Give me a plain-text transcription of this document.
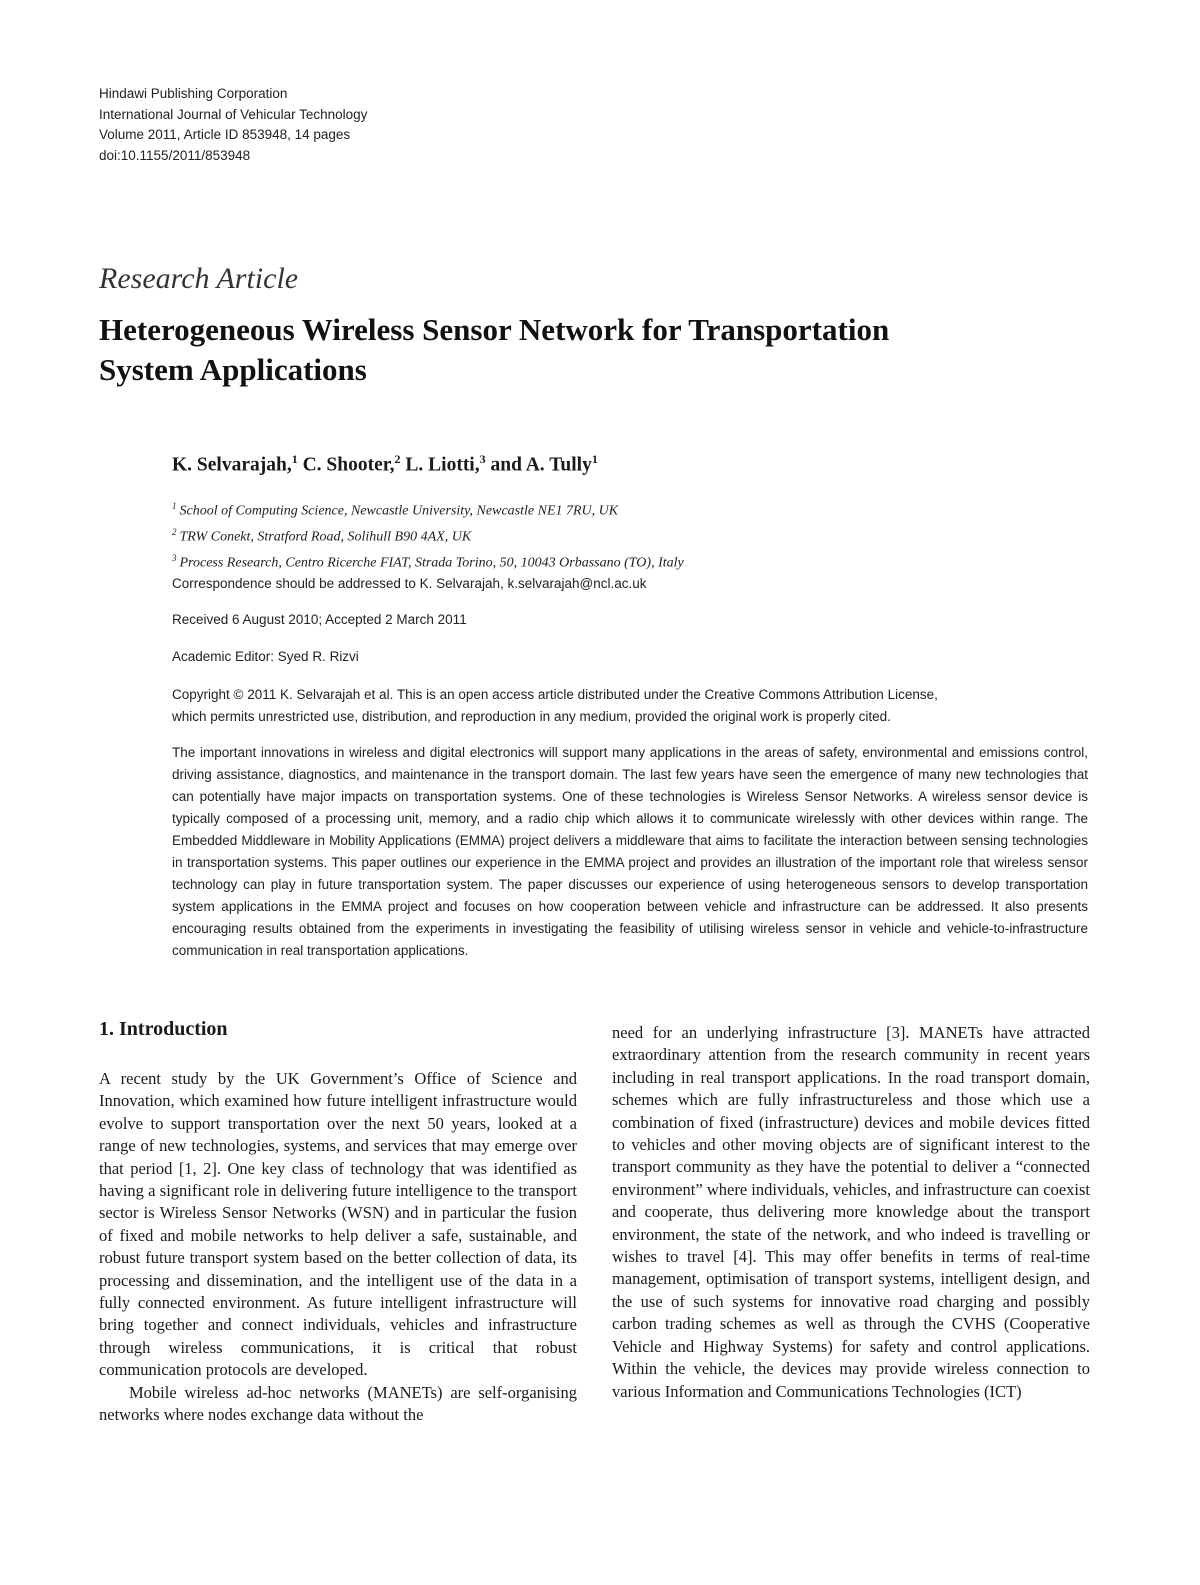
Hindawi Publishing Corporation
International Journal of Vehicular Technology
Volume 2011, Article ID 853948, 14 pages
doi:10.1155/2011/853948
Research Article
Heterogeneous Wireless Sensor Network for Transportation
System Applications
K. Selvarajah,$^1$ C. Shooter,$^2$ L. Liotti,$^3$ and A. Tully$^1$
$^1$ School of Computing Science, Newcastle University, Newcastle NE1 7RU, UK
$^2$ TRW Conekt, Stratford Road, Solihull B90 4AX, UK
$^3$ Process Research, Centro Ricerche FIAT, Strada Torino, 50, 10043 Orbassano (TO), Italy
Correspondence should be addressed to K. Selvarajah, k.selvarajah@ncl.ac.uk
Received 6 August 2010; Accepted 2 March 2011
Academic Editor: Syed R. Rizvi
Copyright © 2011 K. Selvarajah et al. This is an open access article distributed under the Creative Commons Attribution License,
which permits unrestricted use, distribution, and reproduction in any medium, provided the original work is properly cited.
The important innovations in wireless and digital electronics will support many applications in the areas of safety, environmental and emissions control, driving assistance, diagnostics, and maintenance in the transport domain. The last few years have seen the emergence of many new technologies that can potentially have major impacts on transportation systems. One of these technologies is Wireless Sensor Networks. A wireless sensor device is typically composed of a processing unit, memory, and a radio chip which allows it to communicate wirelessly with other devices within range. The Embedded Middleware in Mobility Applications (EMMA) project delivers a middleware that aims to facilitate the interaction between sensing technologies in transportation systems. This paper outlines our experience in the EMMA project and provides an illustration of the important role that wireless sensor technology can play in future transportation system. The paper discusses our experience of using heterogeneous sensors to develop transportation system applications in the EMMA project and focuses on how cooperation between vehicle and infrastructure can be addressed. It also presents encouraging results obtained from the experiments in investigating the feasibility of utilising wireless sensor in vehicle and vehicle-to-infrastructure communication in real transportation applications.
1. Introduction

A recent study by the UK Government’s Office of Science and Innovation, which examined how future intelligent infrastructure would evolve to support transportation over the next 50 years, looked at a range of new technologies, systems, and services that may emerge over that period [1, 2]. One key class of technology that was identified as having a significant role in delivering future intelligence to the transport sector is Wireless Sensor Networks (WSN) and in particular the fusion of fixed and mobile networks to help deliver a safe, sustainable, and robust future transport system based on the better collection of data, its processing and dissemination, and the intelligent use of the data in a fully connected environment. As future intelligent infrastructure will bring together and connect individuals, vehicles and infrastructure through wireless communications, it is critical that robust communication protocols are developed.

Mobile wireless ad-hoc networks (MANETs) are self-organising networks where nodes exchange data without the

need for an underlying infrastructure [3]. MANETs have attracted extraordinary attention from the research community in recent years including in real transport applications. In the road transport domain, schemes which are fully infrastructureless and those which use a combination of fixed (infrastructure) devices and mobile devices fitted to vehicles and other moving objects are of significant interest to the transport community as they have the potential to deliver a “connected environment” where individuals, vehicles, and infrastructure can coexist and cooperate, thus delivering more knowledge about the transport environment, the state of the network, and who indeed is travelling or wishes to travel [4]. This may offer benefits in terms of real-time management, optimisation of transport systems, intelligent design, and the use of such systems for innovative road charging and possibly carbon trading schemes as well as through the CVHS (Cooperative Vehicle and Highway Systems) for safety and control applications. Within the vehicle, the devices may provide wireless connection to various Information and Communications Technologies (ICT)
